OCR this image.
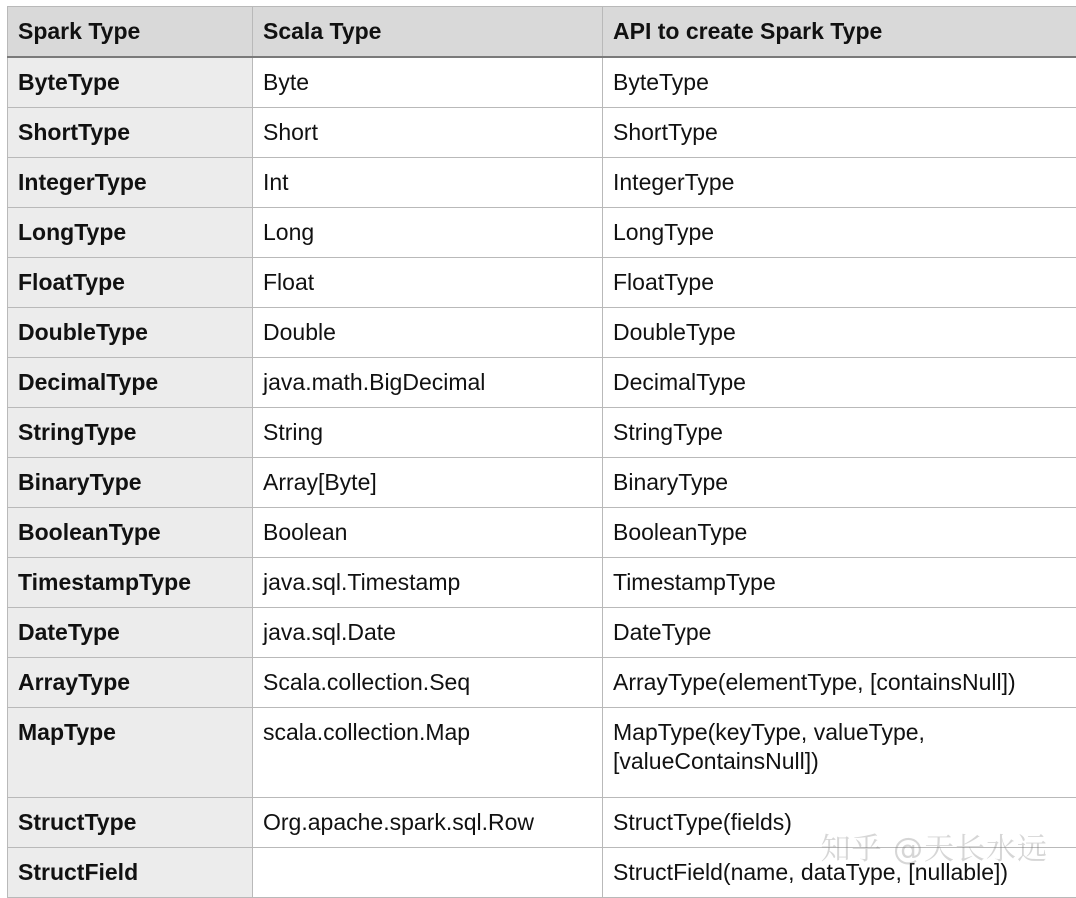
Spark Type	Scala Type	API to create Spark Type
ByteType	Byte	ByteType
ShortType	Short	ShortType
IntegerType	Int	IntegerType
LongType	Long	LongType
FloatType	Float	FloatType
DoubleType	Double	DoubleType
DecimalType	java.math.BigDecimal	DecimalType
StringType	String	StringType
BinaryType	Array[Byte]	BinaryType
BooleanType	Boolean	BooleanType
TimestampType	java.sql.Timestamp	TimestampType
DateType	java.sql.Date	DateType
ArrayType	Scala.collection.Seq	ArrayType(elementType, [containsNull])
MapType	scala.collection.Map	MapType(keyType, valueType, [valueContainsNull])
StructType	Org.apache.spark.sql.Row	StructType(fields)
StructField		StructField(name, dataType, [nullable])
知乎 @天长水远
